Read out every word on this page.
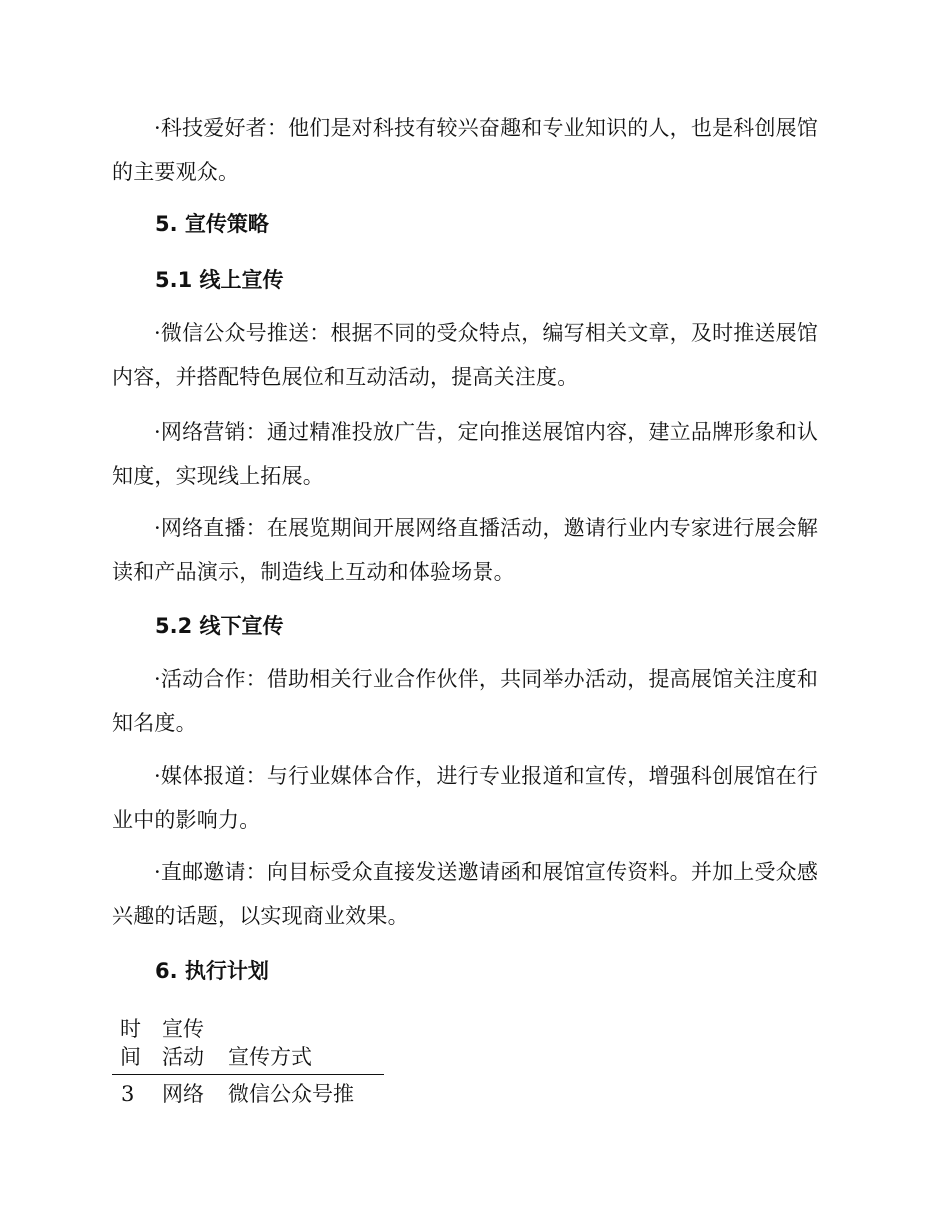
·科技爱好者：他们是对科技有较兴奋趣和专业知识的人，也是科创展馆的主要观众。

5. 宣传策略
5.1 线上宣传

·微信公众号推送：根据不同的受众特点，编写相关文章，及时推送展馆内容，并搭配特色展位和互动活动，提高关注度。

·网络营销：通过精准投放广告，定向推送展馆内容，建立品牌形象和认知度，实现线上拓展。

·网络直播：在展览期间开展网络直播活动，邀请行业内专家进行展会解读和产品演示，制造线上互动和体验场景。

5.2 线下宣传

·活动合作：借助相关行业合作伙伴，共同举办活动，提高展馆关注度和知名度。

·媒体报道：与行业媒体合作，进行专业报道和宣传，增强科创展馆在行业中的影响力。

·直邮邀请：向目标受众直接发送邀请函和展馆宣传资料。并加上受众感兴趣的话题，以实现商业效果。

6. 执行计划
时
间
宣传
活动 宣传方式
3 网络 微信公众号推
